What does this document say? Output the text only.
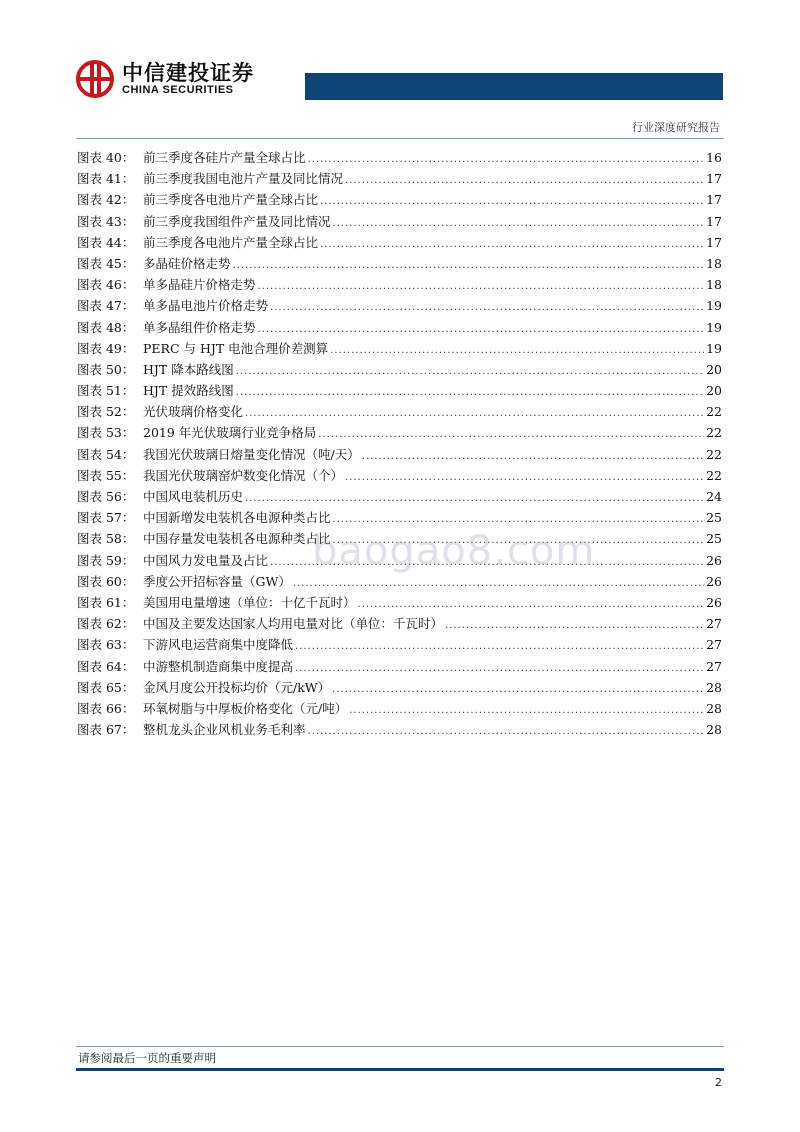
中信建投证券
CHINA SECURITIES
行业深度研究报告
图表 40： 前三季度各硅片产量全球占比 .....	16
图表 41： 前三季度我国电池片产量及同比情况 .....	17
图表 42： 前三季度各电池片产量全球占比 .....	17
图表 43： 前三季度我国组件产量及同比情况 .....	17
图表 44： 前三季度各电池片产量全球占比 .....	17
图表 45： 多晶硅价格走势 .....	18
图表 46： 单多晶硅片价格走势 .....	18
图表 47： 单多晶电池片价格走势 .....	19
图表 48： 单多晶组件价格走势 .....	19
图表 49： PERC 与 HJT 电池合理价差测算 .....	19
图表 50： HJT 降本路线图 .....	20
图表 51： HJT 提效路线图 .....	20
图表 52： 光伏玻璃价格变化 .....	22
图表 53： 2019 年光伏玻璃行业竞争格局 .....	22
图表 54： 我国光伏玻璃日熔量变化情况（吨/天） .....	22
图表 55： 我国光伏玻璃窑炉数变化情况（个） .....	22
图表 56： 中国风电装机历史 .....	24
图表 57： 中国新增发电装机各电源种类占比 .....	25
图表 58： 中国存量发电装机各电源种类占比 .....	25
图表 59： 中国风力发电量及占比 .....	26
图表 60： 季度公开招标容量（GW） .....	26
图表 61： 美国用电量增速（单位：十亿千瓦时） .....	26
图表 62： 中国及主要发达国家人均用电量对比（单位：千瓦时） .....	27
图表 63： 下游风电运营商集中度降低 .....	27
图表 64： 中游整机制造商集中度提高 .....	27
图表 65： 金风月度公开投标均价（元/kW） .....	28
图表 66： 环氧树脂与中厚板价格变化（元/吨） .....	28
图表 67： 整机龙头企业风机业务毛利率 .....	28
baogao8.com
请参阅最后一页的重要声明
2
